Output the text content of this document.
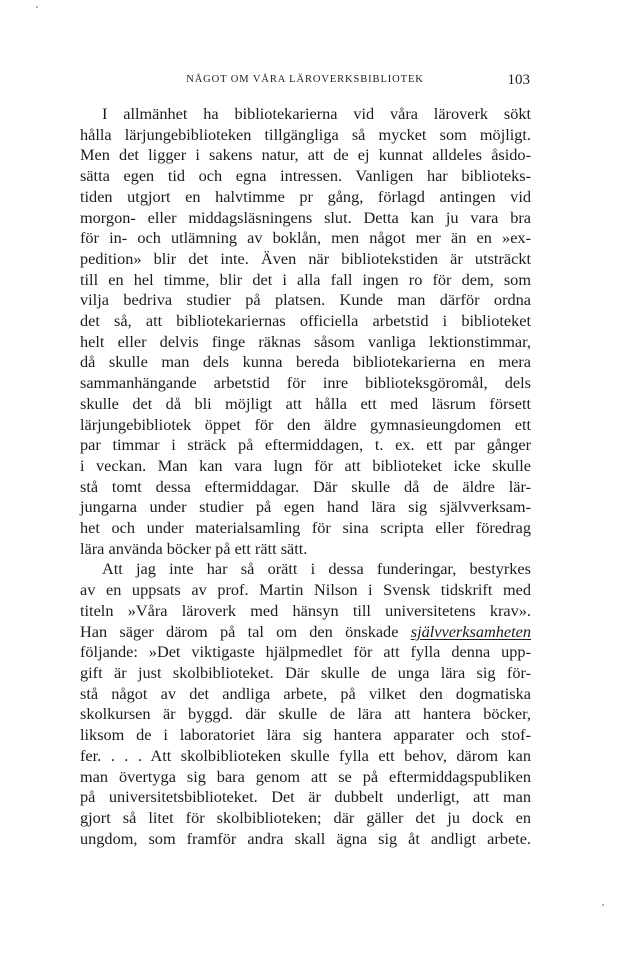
NÅGOT OM VÅRA LÄROVERKSBIBLIOTEK	103
I allmänhet ha bibliotekarierna vid våra läroverk sökt
hålla lärjungebiblioteken tillgängliga så mycket som möjligt.
Men det ligger i sakens natur, att de ej kunnat alldeles åsido-
sätta egen tid och egna intressen. Vanligen har biblioteks-
tiden utgjort en halvtimme pr gång, förlagd antingen vid
morgon- eller middagsläsningens slut. Detta kan ju vara bra
för in- och utlämning av boklån, men något mer än en »ex-
pedition» blir det inte. Även när bibliotekstiden är utsträckt
till en hel timme, blir det i alla fall ingen ro för dem, som
vilja bedriva studier på platsen. Kunde man därför ordna
det så, att bibliotekariernas officiella arbetstid i biblioteket
helt eller delvis finge räknas såsom vanliga lektionstimmar,
då skulle man dels kunna bereda bibliotekarierna en mera
sammanhängande arbetstid för inre biblioteksgöromål, dels
skulle det då bli möjligt att hålla ett med läsrum försett
lärjungebibliotek öppet för den äldre gymnasieungdomen ett
par timmar i sträck på eftermiddagen, t. ex. ett par gånger
i veckan. Man kan vara lugn för att biblioteket icke skulle
stå tomt dessa eftermiddagar. Där skulle då de äldre lär-
jungarna under studier på egen hand lära sig självverksam-
het och under materialsamling för sina scripta eller föredrag
lära använda böcker på ett rätt sätt.
Att jag inte har så orätt i dessa funderingar, bestyrkes
av en uppsats av prof. Martin Nilson i Svensk tidskrift med
titeln »Våra läroverk med hänsyn till universitetens krav».
Han säger därom på tal om den önskade självverksamheten
följande: »Det viktigaste hjälpmedlet för att fylla denna upp-
gift är just skolbiblioteket. Där skulle de unga lära sig för-
stå något av det andliga arbete, på vilket den dogmatiska
skolkursen är byggd. där skulle de lära att hantera böcker,
liksom de i laboratoriet lära sig hantera apparater och stof-
fer. . . . Att skolbiblioteken skulle fylla ett behov, därom kan
man övertyga sig bara genom att se på eftermiddagspubliken
på universitetsbiblioteket. Det är dubbelt underligt, att man
gjort så litet för skolbiblioteken; där gäller det ju dock en
ungdom, som framför andra skall ägna sig åt andligt arbete.
